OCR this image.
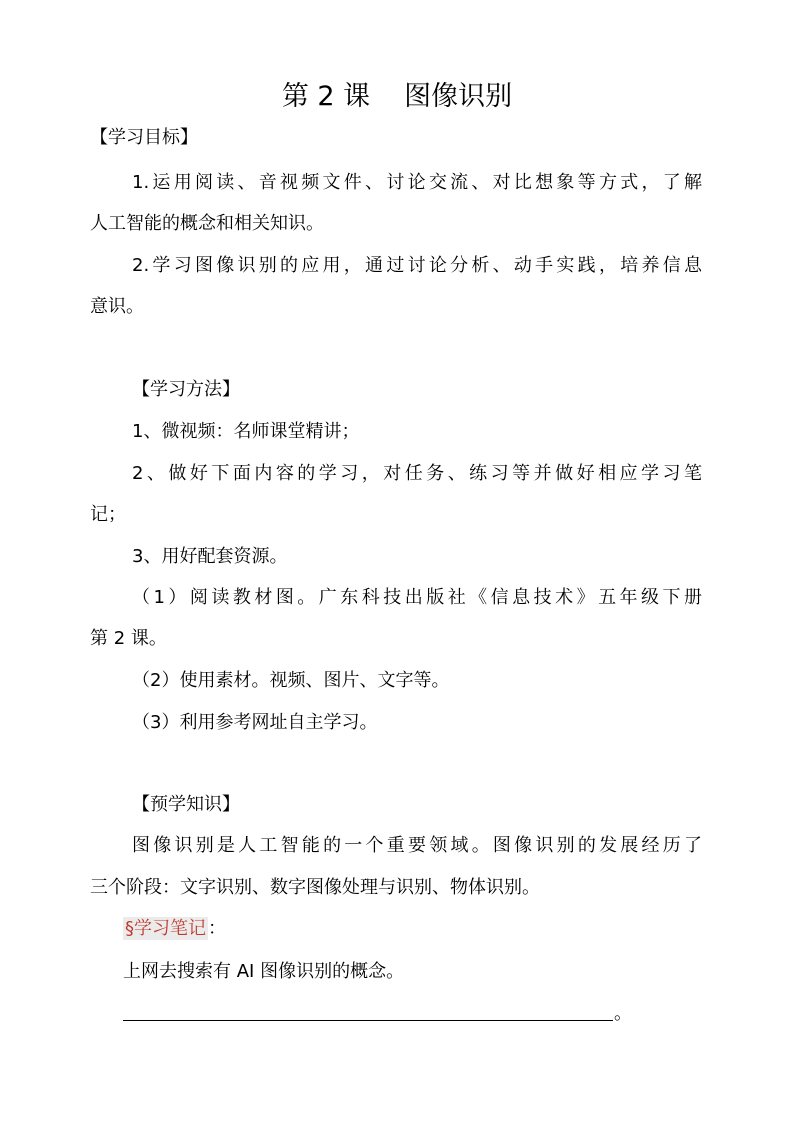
第 2 课 图像识别
【学习目标】
1.运用阅读、音视频文件、讨论交流、对比想象等方式，了解
人工智能的概念和相关知识。
2.学习图像识别的应用，通过讨论分析、动手实践，培养信息
意识。
【学习方法】
1、微视频：名师课堂精讲；
2、做好下面内容的学习，对任务、练习等并做好相应学习笔
记；
3、用好配套资源。
（1）阅读教材图。广东科技出版社《信息技术》五年级下册
第 2 课。
（2）使用素材。视频、图片、文字等。
（3）利用参考网址自主学习。
【预学知识】
图像识别是人工智能的一个重要领域。图像识别的发展经历了
三个阶段：文字识别、数字图像处理与识别、物体识别。
§学习笔记 ：
上网去搜索有 AI 图像识别的概念。
。
